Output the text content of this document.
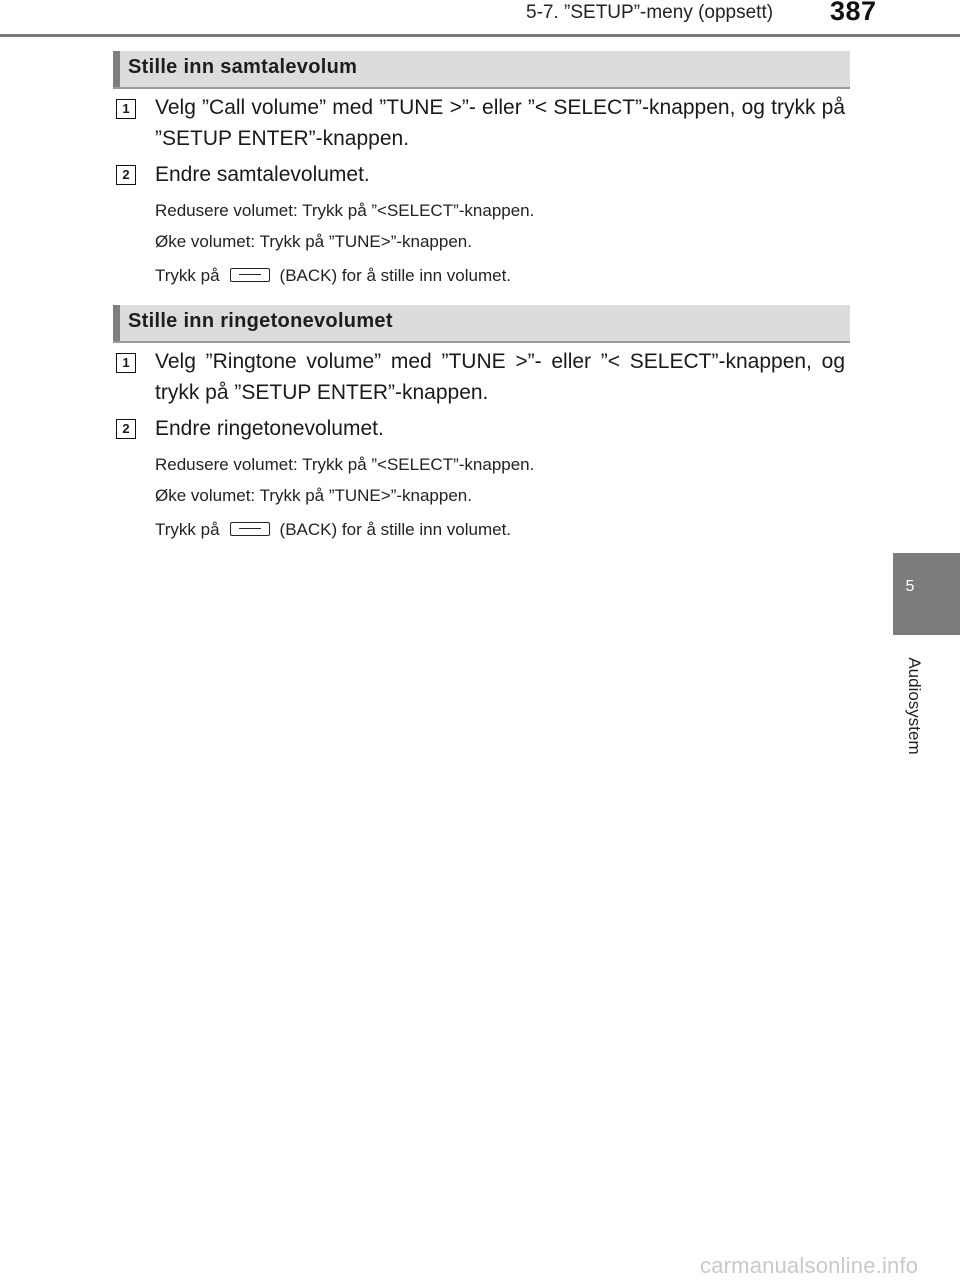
5-7. ”SETUP”-meny (oppsett) 387
Stille inn samtalevolum
1	Velg ”Call volume” med ”TUNE >”- eller ”< SELECT”-knappen, og trykk på ”SETUP ENTER”-knappen.
2	Endre samtalevolumet.
Redusere volumet: Trykk på ”<SELECT”-knappen.
Øke volumet: Trykk på ”TUNE>”-knappen.
Trykk på	(BACK) for å stille inn volumet.
Stille inn ringetonevolumet
1	Velg ”Ringtone volume” med ”TUNE >”- eller ”< SELECT”-knappen, og trykk på ”SETUP ENTER”-knappen.
2	Endre ringetonevolumet.
Redusere volumet: Trykk på ”<SELECT”-knappen.
Øke volumet: Trykk på ”TUNE>”-knappen.
Trykk på	(BACK) for å stille inn volumet.
5
Audiosystem
carmanualsonline.info
